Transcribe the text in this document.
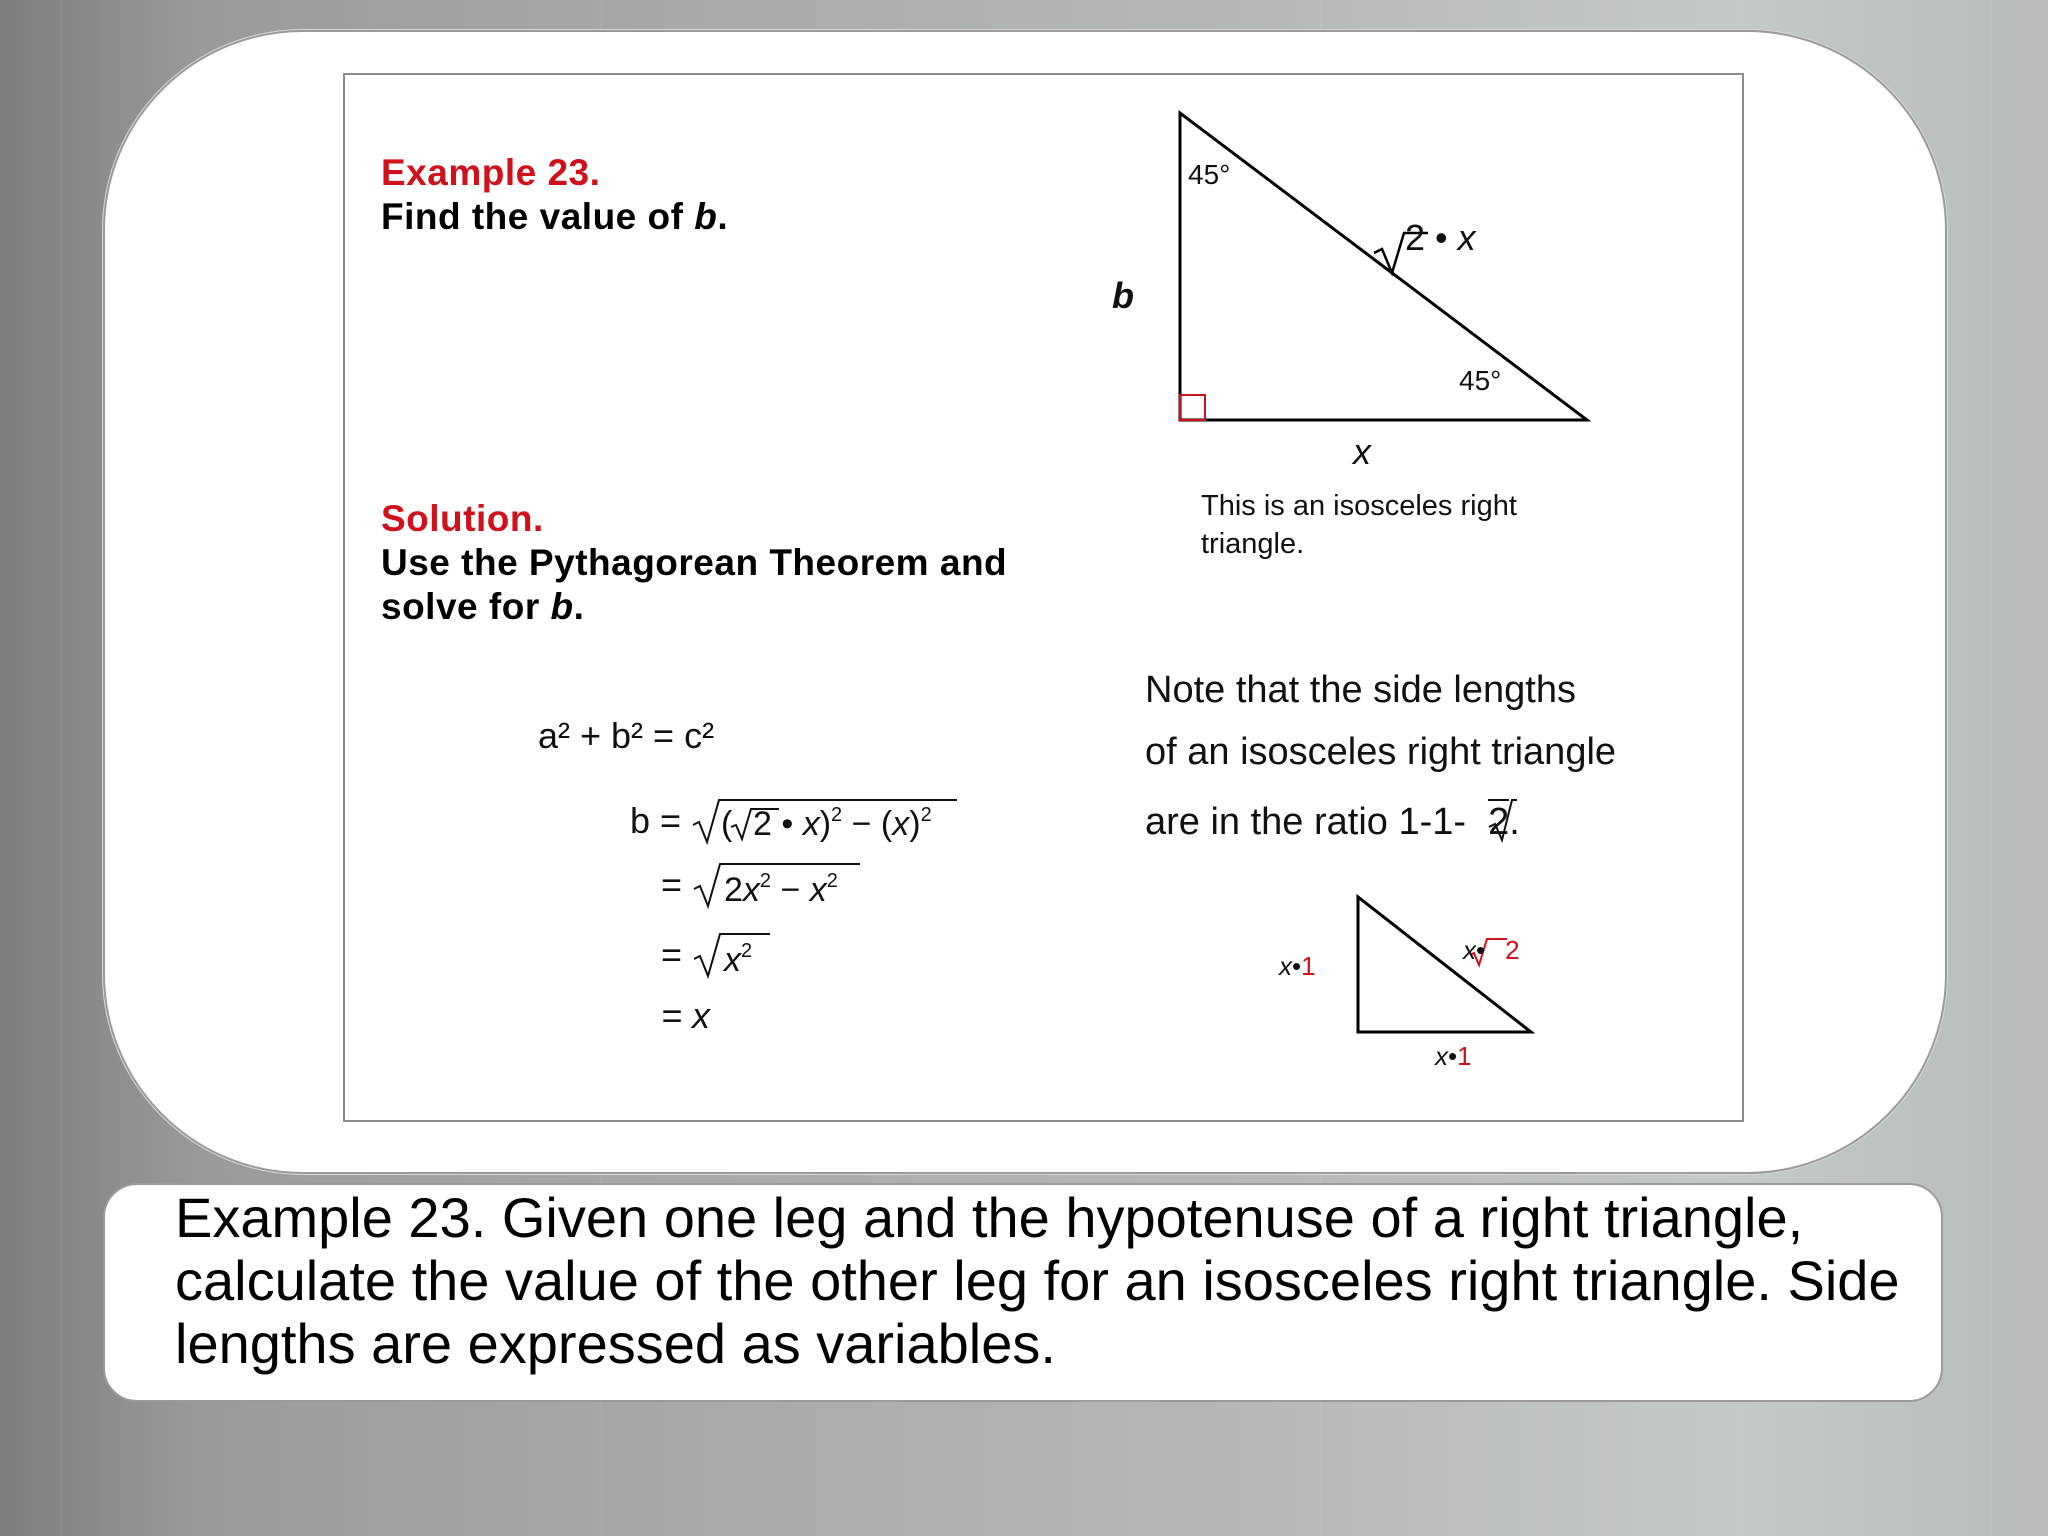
Example 23.
Find the value of b.
Solution.
Use the Pythagorean Theorem and
solve for b.
45°
45°
b
x
2 • x
This is an isosceles right triangle.
Note that the side lengths
of an isosceles right triangle
are in the ratio 1-1- 2.
x•1
x•1
x• 2
a² + b² = c²
b = ( 2 • $x)^2 - (x)^2$
= $2x^2 - x^2$
= $x^2$
= x
Example 23. Given one leg and the hypotenuse of a right triangle, calculate the value of the other leg for an isosceles right triangle. Side lengths are expressed as variables.
